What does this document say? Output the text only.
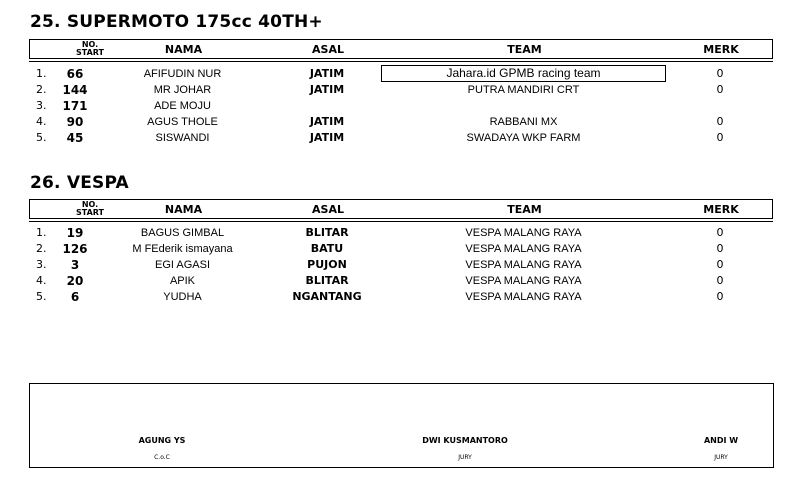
25. SUPERMOTO 175cc 40TH+
NO.
START	NAMA	ASAL	TEAM	MERK
1.	66	AFIFUDIN NUR	JATIM	Jahara.id GPMB racing team	0
2.	144	MR JOHAR	JATIM	PUTRA MANDIRI CRT	0
3.	171	ADE MOJU
4.	90	AGUS THOLE	JATIM	RABBANI MX	0
5.	45	SISWANDI	JATIM	SWADAYA WKP FARM	0
26. VESPA
NO.
START	NAMA	ASAL	TEAM	MERK
1.	19	BAGUS GIMBAL	BLITAR	VESPA MALANG RAYA	0
2.	126	M FEderik ismayana	BATU	VESPA MALANG RAYA	0
3.	3	EGI AGASI	PUJON	VESPA MALANG RAYA	0
4.	20	APIK	BLITAR	VESPA MALANG RAYA	0
5.	6	YUDHA	NGANTANG	VESPA MALANG RAYA	0
AGUNG YS
C.o.C
DWI KUSMANTORO
JURY
ANDI W
JURY
